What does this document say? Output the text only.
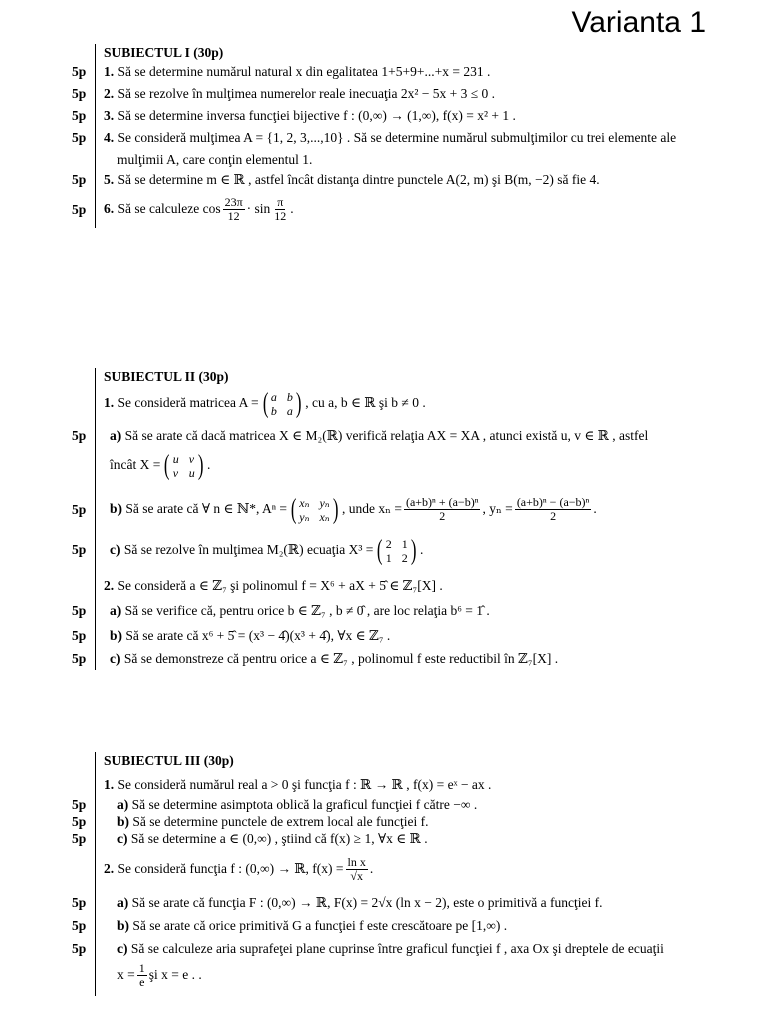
Varianta 1
SUBIECTUL I (30p)
5p 1. Să se determine numărul natural x din egalitatea 1+5+9+...+x = 231 .
5p 2. Să se rezolve în mulţimea numerelor reale inecuaţia 2x² − 5x + 3 ≤ 0 .
5p 3. Să se determine inversa funcţiei bijective f : (0,∞) → (1,∞), f(x) = x² + 1 .
5p 4. Se consideră mulţimea A = {1, 2, 3,...,10} . Să se determine numărul submulţimilor cu trei elemente ale
mulţimii A, care conţin elementul 1.
5p 5. Să se determine m ∈ ℝ , astfel încât distanţa dintre punctele A(2, m) şi B(m, −2) să fie 4.
5p 6. Să se calculeze $\cos \frac{23\pi}{12} \cdot \sin \frac{\pi}{12}$ .
SUBIECTUL II (30p)
1. Se consideră matricea A = ( a b
b a ) , cu a, b ∈ ℝ şi b ≠ 0 .
5p a) Să se arate că dacă matricea X ∈ M₂(ℝ) verifică relaţia AX = XA , atunci există u, v ∈ ℝ , astfel
încât X = ( u v
v u ) .
5p b) Să se arate că ∀ n ∈ ℕ*, Aⁿ = ( xₙ yₙ
yₙ xₙ ) , unde $x_n = \frac{\text{(a+b)ⁿ + (a−b)ⁿ}}{2}$ , $y_n = \frac{\text{(a+b)ⁿ − (a−b)ⁿ}}{2}$ .
5p c) Să se rezolve în mulţimea M₂(ℝ) ecuaţia X³ = ( 2 1
1 2 ) .
2. Se consideră a ∈ ℤ₇ şi polinomul f = X⁶ + aX + 5̂ ∈ ℤ₇[X] .
5p a) Să se verifice că, pentru orice b ∈ ℤ₇ , b ≠ 0̂ , are loc relaţia b⁶ = 1̂ .
5p b) Să se arate că x⁶ + 5̂ = (x³ − 4̂)(x³ + 4̂), ∀x ∈ ℤ₇ .
5p c) Să se demonstreze că pentru orice a ∈ ℤ₇ , polinomul f este reductibil în ℤ₇[X] .
SUBIECTUL III (30p)
1. Se consideră numărul real a > 0 şi funcţia f : ℝ → ℝ , f(x) = eˣ − ax .
5p a) Să se determine asimptota oblică la graficul funcţiei f către −∞ .
5p b) Să se determine punctele de extrem local ale funcţiei f.
5p c) Să se determine a ∈ (0,∞) , ştiind că f(x) ≥ 1, ∀x ∈ ℝ .
2. Se consideră funcţia f : (0,∞) → ℝ, $f(x) = \frac{\text{ln x}}{√x}$ .
5p a) Să se arate că funcţia F : (0,∞) → ℝ, F(x) = 2√x (ln x − 2), este o primitivă a funcţiei f.
5p b) Să se arate că orice primitivă G a funcţiei f este crescătoare pe [1,∞) .
5p c) Să se calculeze aria suprafeţei plane cuprinse între graficul funcţiei f , axa Ox şi dreptele de ecuaţii
$x = \frac{1}{e}$ şi x = e . .
